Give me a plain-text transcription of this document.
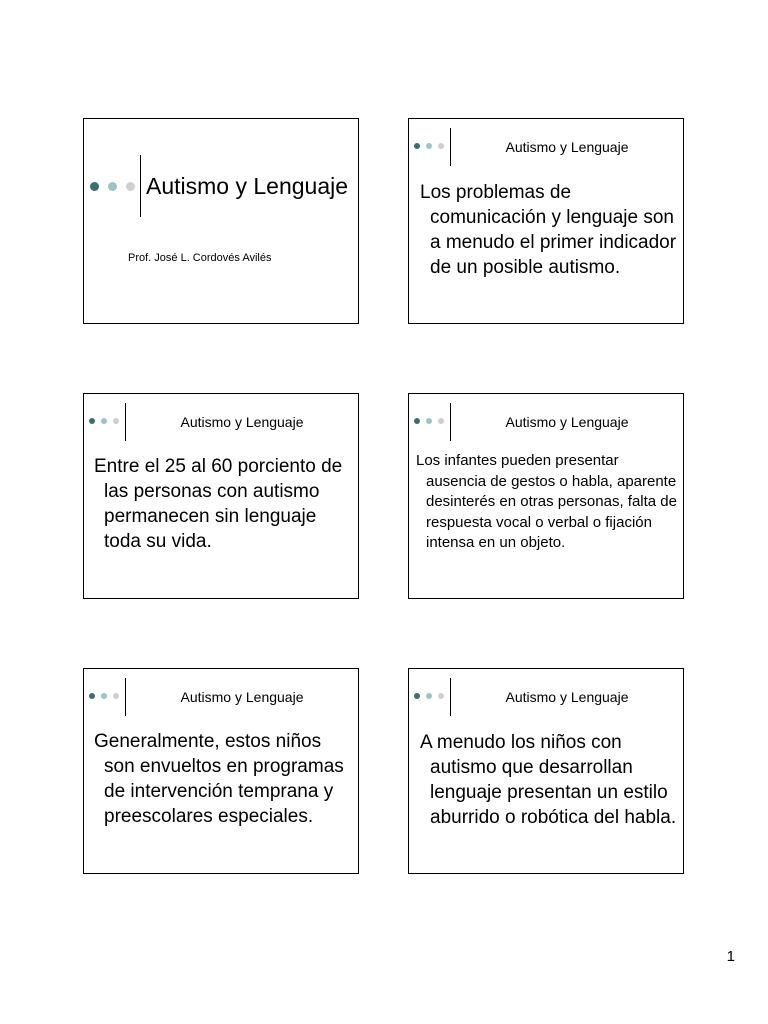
Autismo y Lenguaje
Prof. José L. Cordovés Avilés
Autismo y Lenguaje

Los problemas de comunicación y lenguaje son a menudo el primer indicador de un posible autismo.

Autismo y Lenguaje

Entre el 25 al 60 porciento de las personas con autismo permanecen sin lenguaje toda su vida.

Autismo y Lenguaje

Los infantes pueden presentar ausencia de gestos o habla, aparente desinterés en otras personas, falta de respuesta vocal o verbal o fijación intensa en un objeto.

Autismo y Lenguaje

Generalmente, estos niños son envueltos en programas de intervención temprana y preescolares especiales.

Autismo y Lenguaje

A menudo los niños con autismo que desarrollan lenguaje presentan un estilo aburrido o robótica del habla.

1
